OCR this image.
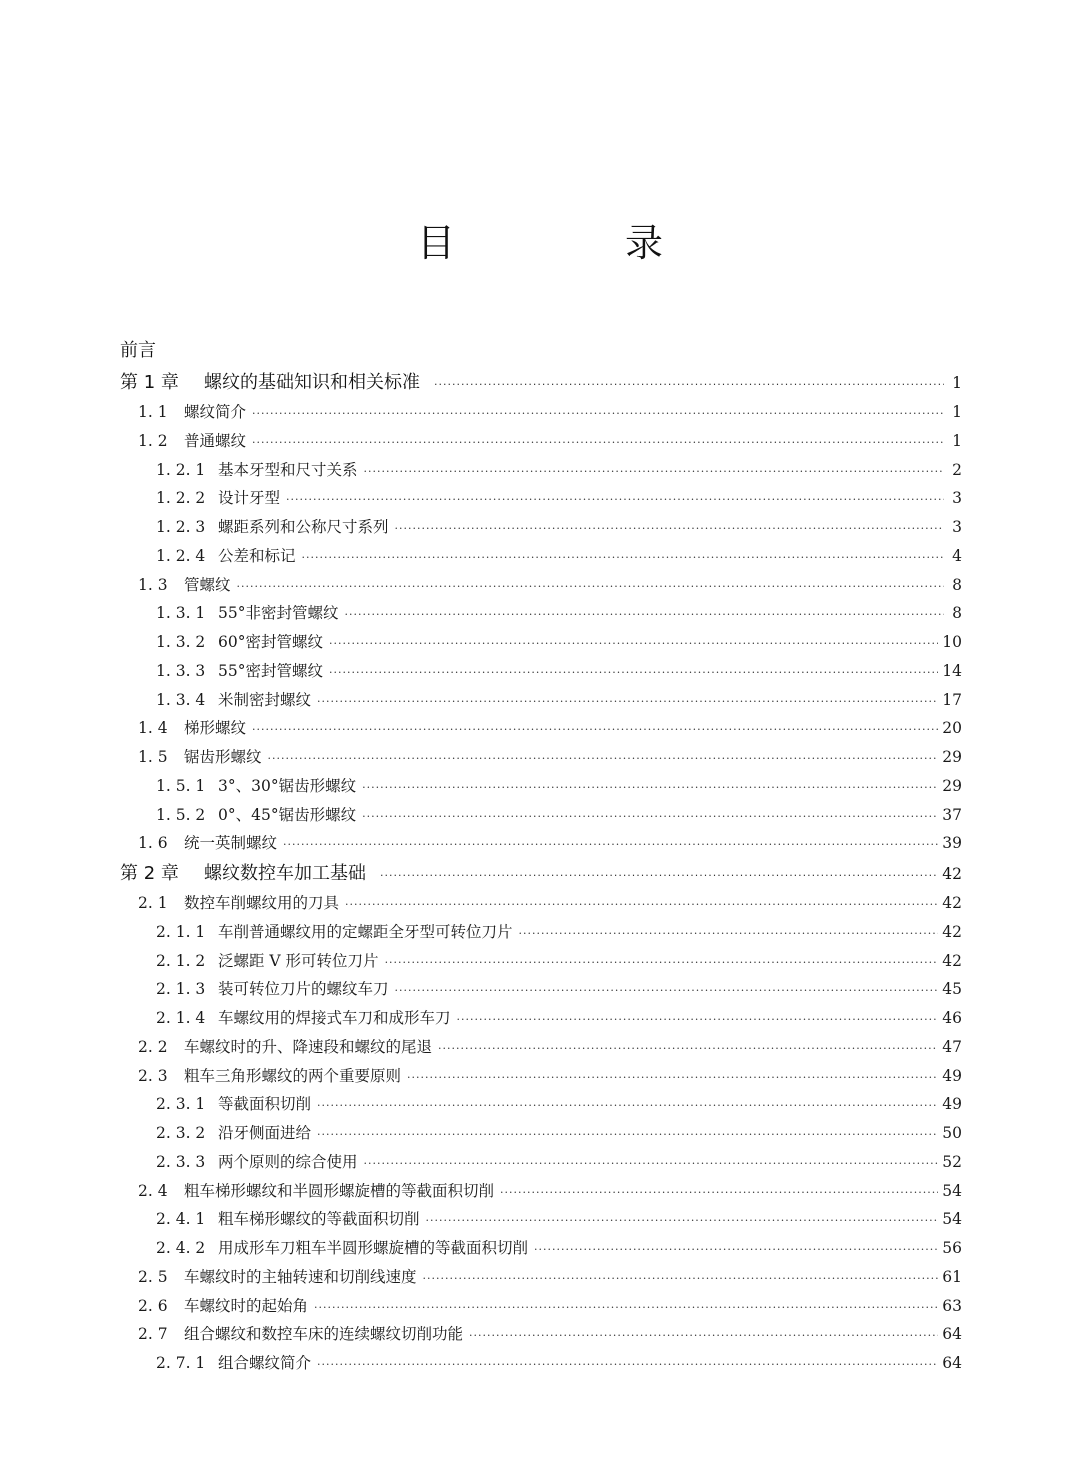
目　录
前言
第 1 章	螺纹的基础知识和相关标准 ·····	1
1. 1	螺纹简介 ·····	1
1. 2	普通螺纹 ·····	1
1. 2. 1 基本牙型和尺寸关系 ·····	2
1. 2. 2 设计牙型 ·····	3
1. 2. 3 螺距系列和公称尺寸系列 ·····	3
1. 2. 4 公差和标记 ·····	4
1. 3	管螺纹 ·····	8
1. 3. 1 55°非密封管螺纹 ·····	8
1. 3. 2 60°密封管螺纹 ·····	10
1. 3. 3 55°密封管螺纹 ·····	14
1. 3. 4 米制密封螺纹 ·····	17
1. 4	梯形螺纹 ·····	20
1. 5	锯齿形螺纹 ·····	29
1. 5. 1 3°、30°锯齿形螺纹 ·····	29
1. 5. 2 0°、45°锯齿形螺纹 ·····	37
1. 6	统一英制螺纹 ·····	39
第 2 章	螺纹数控车加工基础 ·····	42
2. 1	数控车削螺纹用的刀具 ·····	42
2. 1. 1 车削普通螺纹用的定螺距全牙型可转位刀片 ·····	42
2. 1. 2 泛螺距 V 形可转位刀片 ·····	42
2. 1. 3 装可转位刀片的螺纹车刀 ·····	45
2. 1. 4 车螺纹用的焊接式车刀和成形车刀 ·····	46
2. 2	车螺纹时的升、降速段和螺纹的尾退 ·····	47
2. 3	粗车三角形螺纹的两个重要原则 ·····	49
2. 3. 1 等截面积切削 ·····	49
2. 3. 2 沿牙侧面进给 ·····	50
2. 3. 3 两个原则的综合使用 ·····	52
2. 4	粗车梯形螺纹和半圆形螺旋槽的等截面积切削 ·····	54
2. 4. 1 粗车梯形螺纹的等截面积切削 ·····	54
2. 4. 2 用成形车刀粗车半圆形螺旋槽的等截面积切削 ·····	56
2. 5	车螺纹时的主轴转速和切削线速度 ·····	61
2. 6	车螺纹时的起始角 ·····	63
2. 7	组合螺纹和数控车床的连续螺纹切削功能 ·····	64
2. 7. 1 组合螺纹简介 ·····	64
